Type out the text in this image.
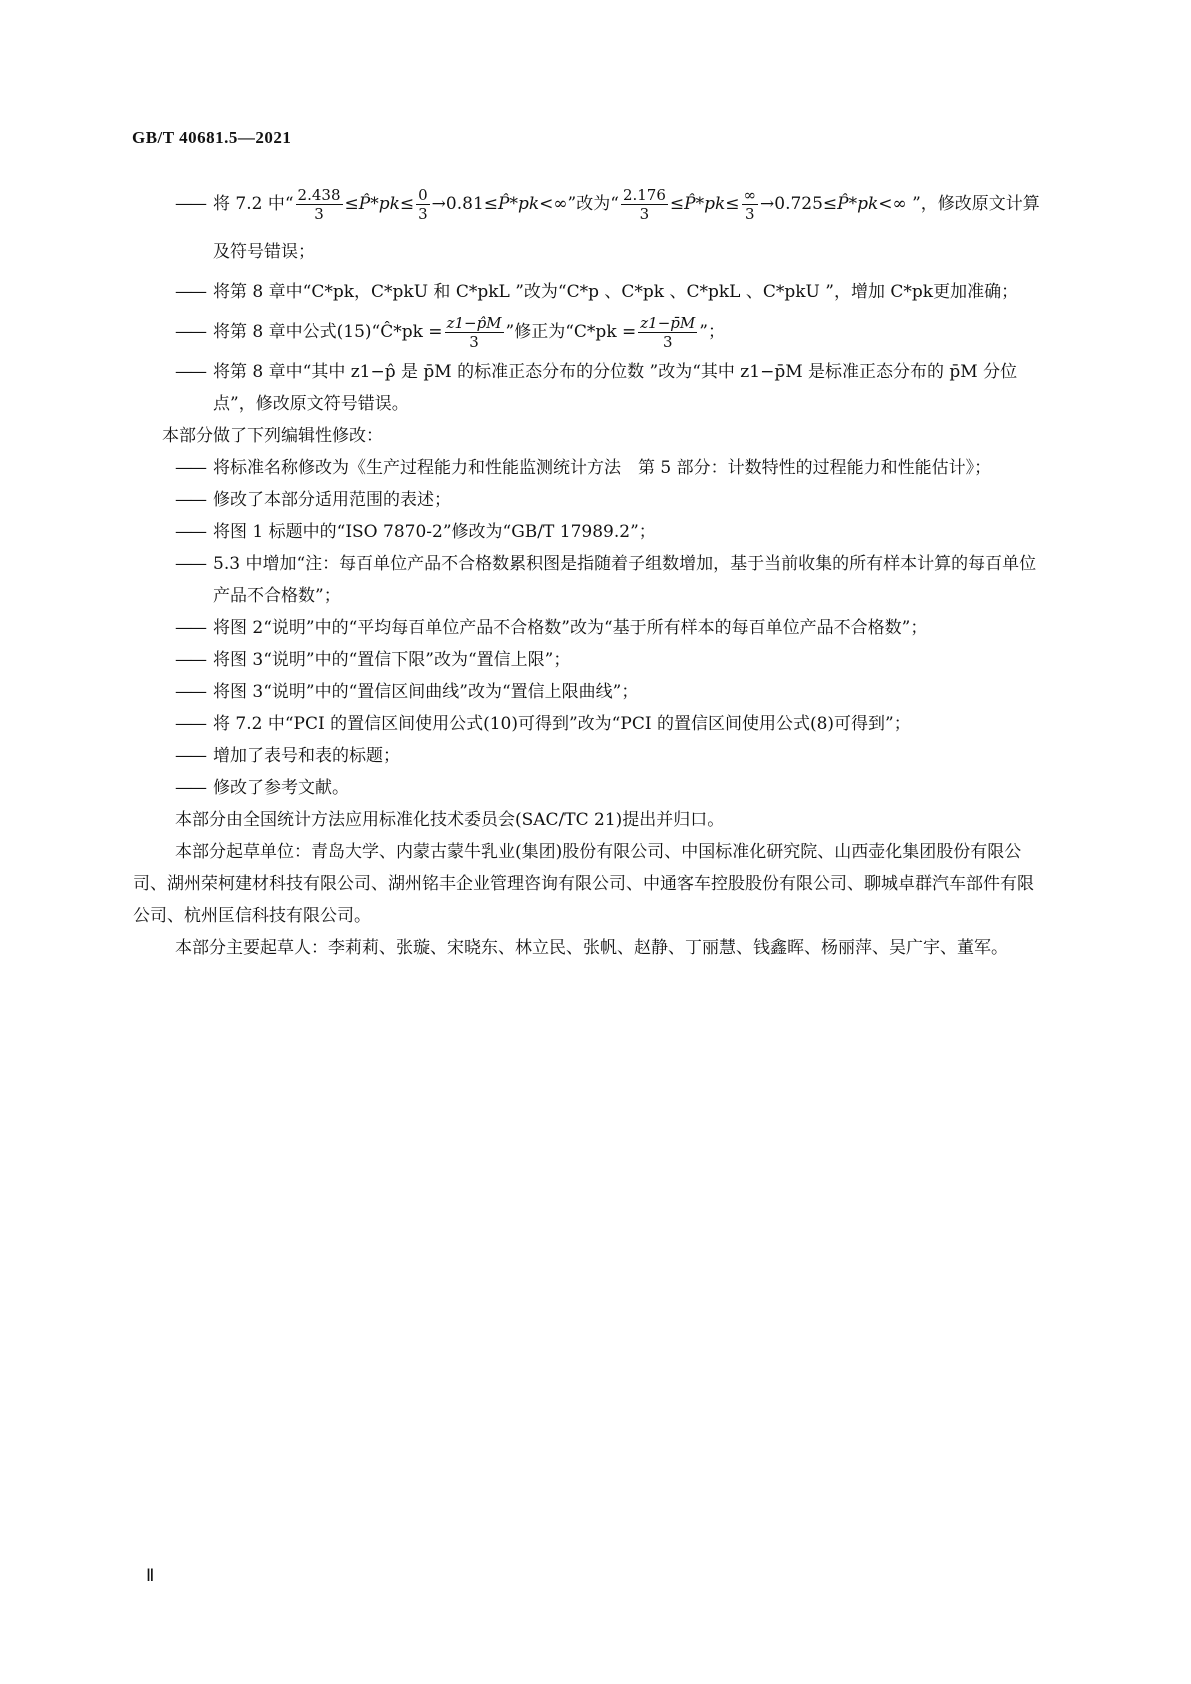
GB/T 40681.5—2021

—— 将 7.2 中“ $\frac{2.438}{3}$ ≤P̂*pk≤ $\frac{0}{3}$ →0.81≤P̂*pk<∞”改为“ $\frac{2.176}{3}$ ≤P̂*pk≤ $\frac{\infty}{3}$ →0.725≤P̂*pk<∞ ”，修改原文计算及符号错误；

—— 将第 8 章中“C*pk，C*pkU 和 C*pkL ”改为“C*p 、C*pk 、C*pkL 、C*pkU ”，增加 C*pk更加准确；

—— 将第 8 章中公式(15)“Ĉ*pk = $\frac{z1-p̂M}{3}$ ”修正为“$C*pk = \frac{z1-p̄M}{3}$ ”；

—— 将第 8 章中“其中 z1−p̂ 是 p̄M 的标准正态分布的分位数 ”改为“其中 z1−p̄M 是标准正态分布的 p̄M 分位点”，修改原文符号错误。

本部分做了下列编辑性修改：

—— 将标准名称修改为《生产过程能力和性能监测统计方法　第 5 部分：计数特性的过程能力和性能估计》；

—— 修改了本部分适用范围的表述；

—— 将图 1 标题中的“ISO 7870-2”修改为“GB/T 17989.2”；

—— 5.3 中增加“注：每百单位产品不合格数累积图是指随着子组数增加，基于当前收集的所有样本计算的每百单位产品不合格数”；

—— 将图 2“说明”中的“平均每百单位产品不合格数”改为“基于所有样本的每百单位产品不合格数”；

—— 将图 3“说明”中的“置信下限”改为“置信上限”；

—— 将图 3“说明”中的“置信区间曲线”改为“置信上限曲线”；

—— 将 7.2 中“PCI 的置信区间使用公式(10)可得到”改为“PCI 的置信区间使用公式(8)可得到”；

—— 增加了表号和表的标题；

—— 修改了参考文献。

本部分由全国统计方法应用标准化技术委员会(SAC/TC 21)提出并归口。

本部分起草单位：青岛大学、内蒙古蒙牛乳业(集团)股份有限公司、中国标准化研究院、山西壶化集团股份有限公司、湖州荣柯建材科技有限公司、湖州铭丰企业管理咨询有限公司、中通客车控股股份有限公司、聊城卓群汽车部件有限公司、杭州匡信科技有限公司。

本部分主要起草人：李莉莉、张璇、宋晓东、林立民、张帆、赵静、丁丽慧、钱鑫晖、杨丽萍、吴广宇、董军。

Ⅱ
